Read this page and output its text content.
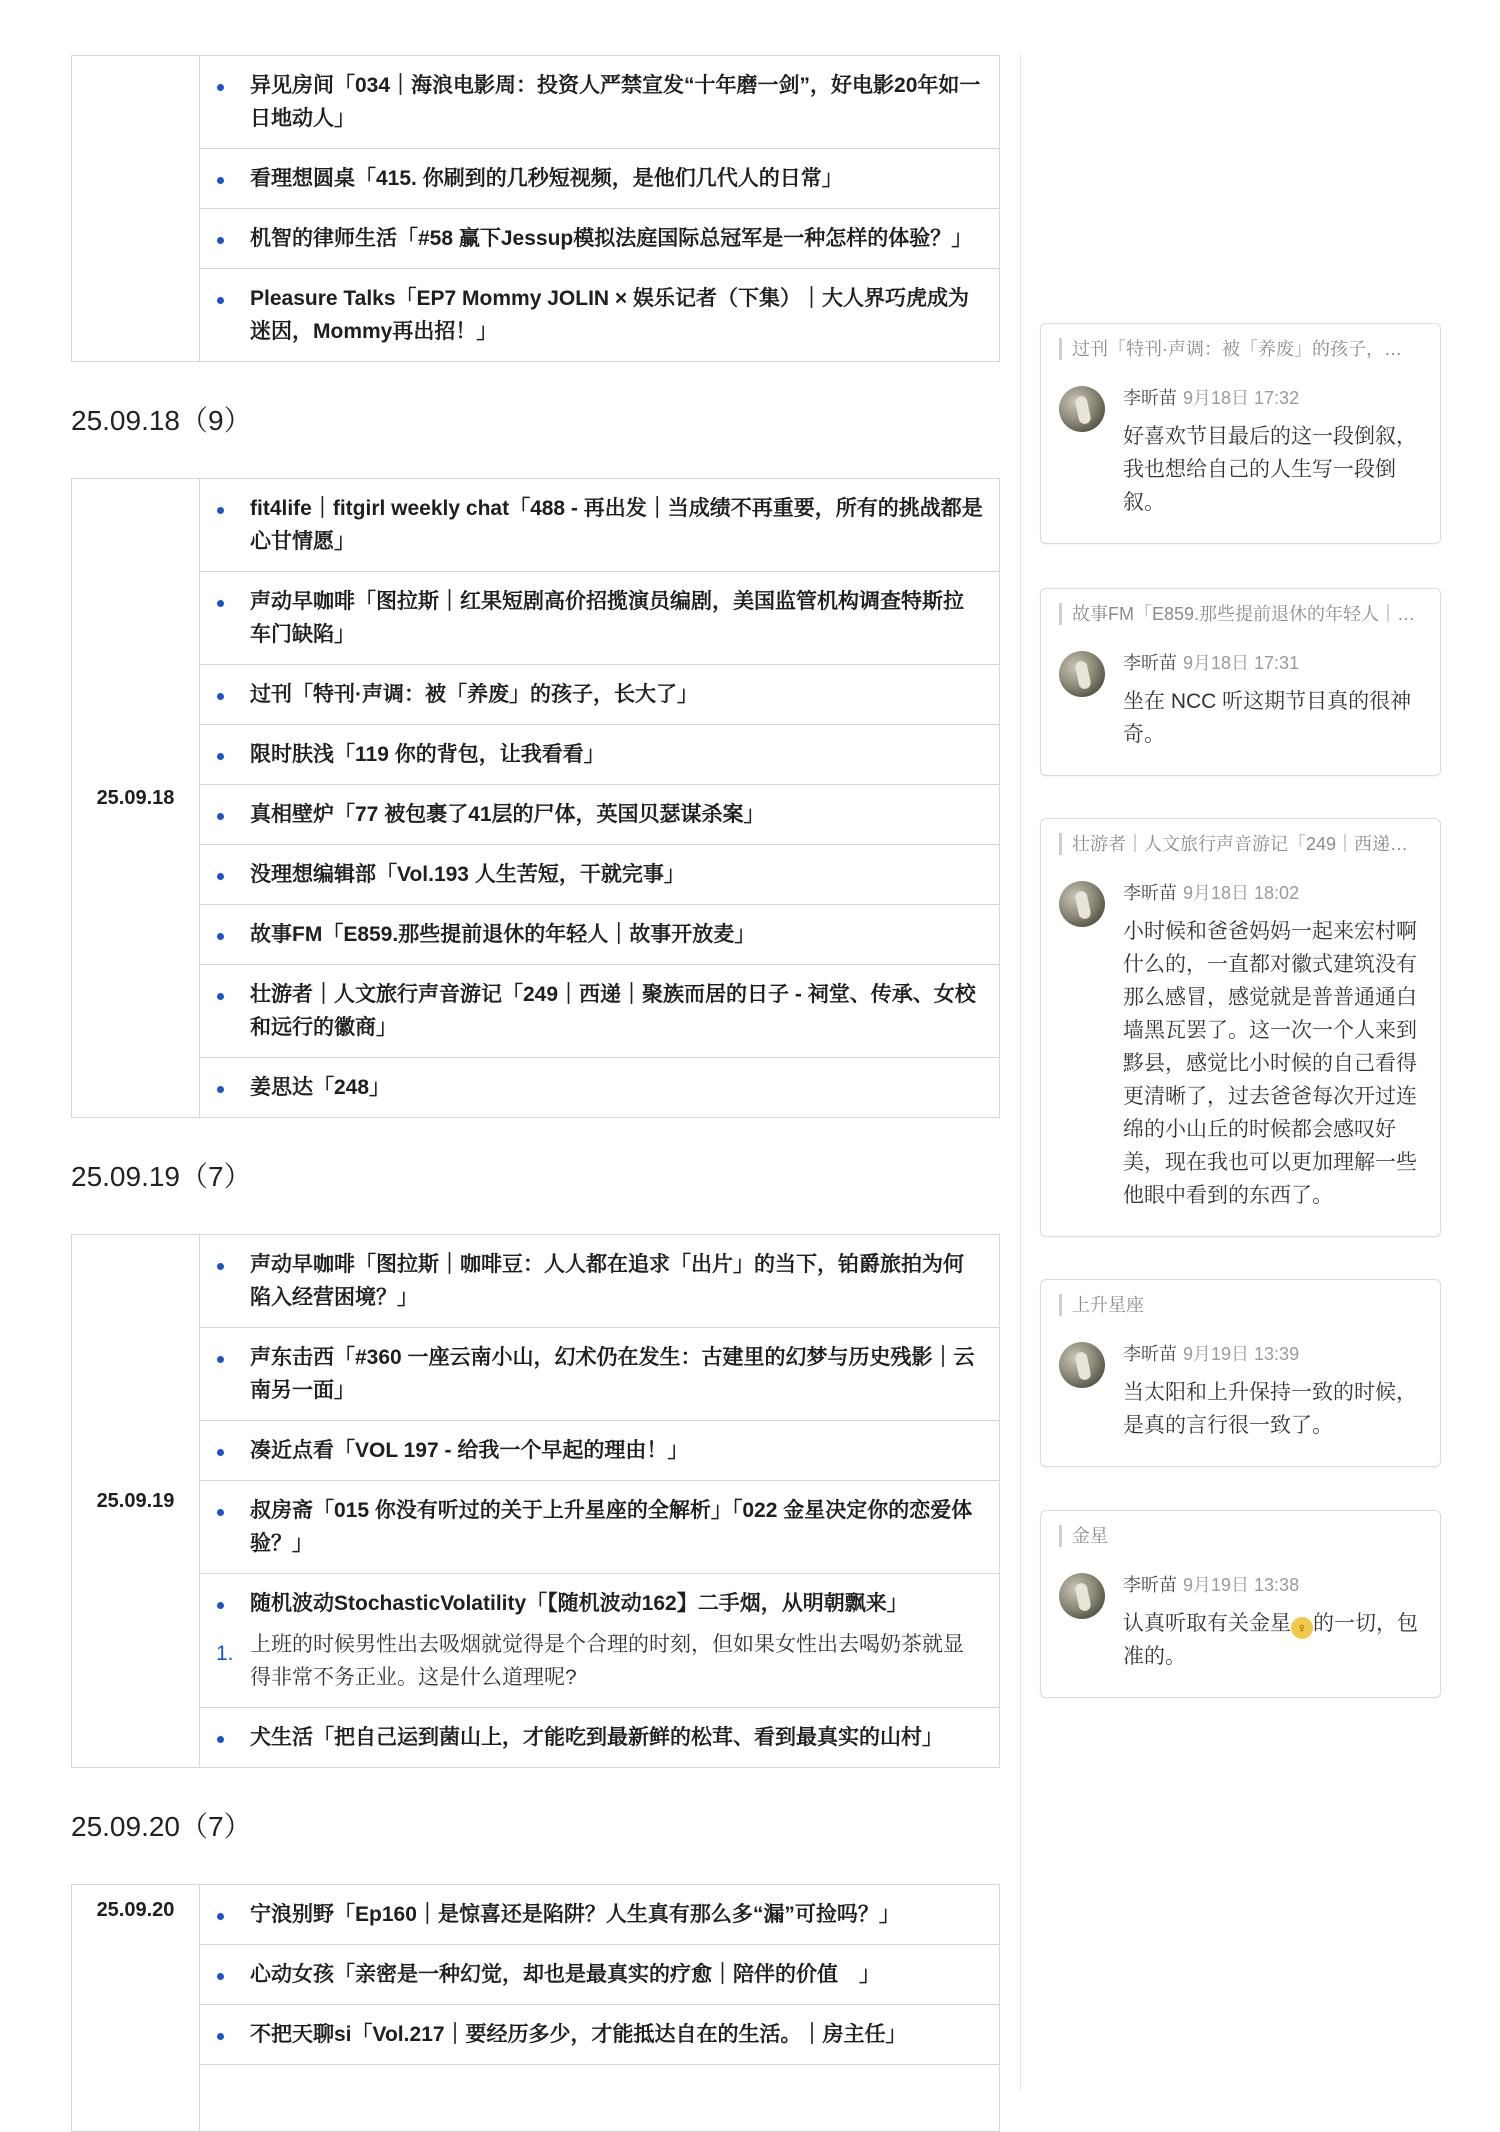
异见房间「034｜海浪电影周：投资人严禁宣发“十年磨一剑”，好电影20年如一日地动人」
看理想圆桌「415. 你刷到的几秒短视频，是他们几代人的日常」
机智的律师生活「#58 赢下Jessup模拟法庭国际总冠军是一种怎样的体验？」
Pleasure Talks「EP7 Mommy JOLIN × 娱乐记者（下集）｜大人界巧虎成为迷因，Mommy再出招！」
25.09.18（9）
25.09.18	
fit4life｜fitgirl weekly chat「488 - 再出发｜当成绩不再重要，所有的挑战都是心甘情愿」
声动早咖啡「图拉斯｜红果短剧高价招揽演员编剧，美国监管机构调查特斯拉车门缺陷」
过刊「特刊·声调：被「养废」的孩子，长大了」
限时肤浅「119 你的背包，让我看看」
真相壁炉「77 被包裹了41层的尸体，英国贝瑟谋杀案」
没理想编辑部「Vol.193 人生苦短，干就完事」
故事FM「E859.那些提前退休的年轻人｜故事开放麦」
壮游者｜人文旅行声音游记「249｜西递｜聚族而居的日子 - 祠堂、传承、女校和远行的徽商」
姜思达「248」
25.09.19（7）
25.09.19	
声动早咖啡「图拉斯｜咖啡豆：人人都在追求「出片」的当下，铂爵旅拍为何陷入经营困境？」
声东击西「#360 一座云南小山，幻术仍在发生：古建里的幻梦与历史残影｜云南另一面」
凑近点看「VOL 197 - 给我一个早起的理由！」
叔房斋「015 你没有听过的关于上升星座的全解析」「022 金星决定你的恋爱体验？」
随机波动StochasticVolatility「【随机波动162】二手烟，从明朝飘来」
1. 上班的时候男性出去吸烟就觉得是个合理的时刻，但如果女性出去喝奶茶就显得非常不务正业。这是什么道理呢?
犬生活「把自己运到菌山上，才能吃到最新鲜的松茸、看到最真实的山村」
25.09.20（7）
25.09.20	宁浪别野「Ep160｜是惊喜还是陷阱？人生真有那么多“漏”可捡吗？」
心动女孩「亲密是一种幻觉，却也是最真实的疗愈｜陪伴的价值　」
不把天聊si「Vol.217｜要经历多少，才能抵达自在的生活。｜房主任」
过刊「特刊·声调：被「养废」的孩子，…
李昕苗 9月18日 17:32
好喜欢节目最后的这一段倒叙，我也想给自己的人生写一段倒叙。
故事FM「E859.那些提前退休的年轻人｜…
李昕苗 9月18日 17:31
坐在 NCC 听这期节目真的很神奇。
壮游者｜人文旅行声音游记「249｜西递…
李昕苗 9月18日 18:02
小时候和爸爸妈妈一起来宏村啊什么的，一直都对徽式建筑没有那么感冒，感觉就是普普通通白墙黑瓦罢了。这一次一个人来到黟县，感觉比小时候的自己看得更清晰了，过去爸爸每次开过连绵的小山丘的时候都会感叹好美，现在我也可以更加理解一些他眼中看到的东西了。
上升星座
李昕苗 9月19日 13:39
当太阳和上升保持一致的时候，是真的言行很一致了。
金星
李昕苗 9月19日 13:38
认真听取有关金星 ♀ 的一切，包准的。
